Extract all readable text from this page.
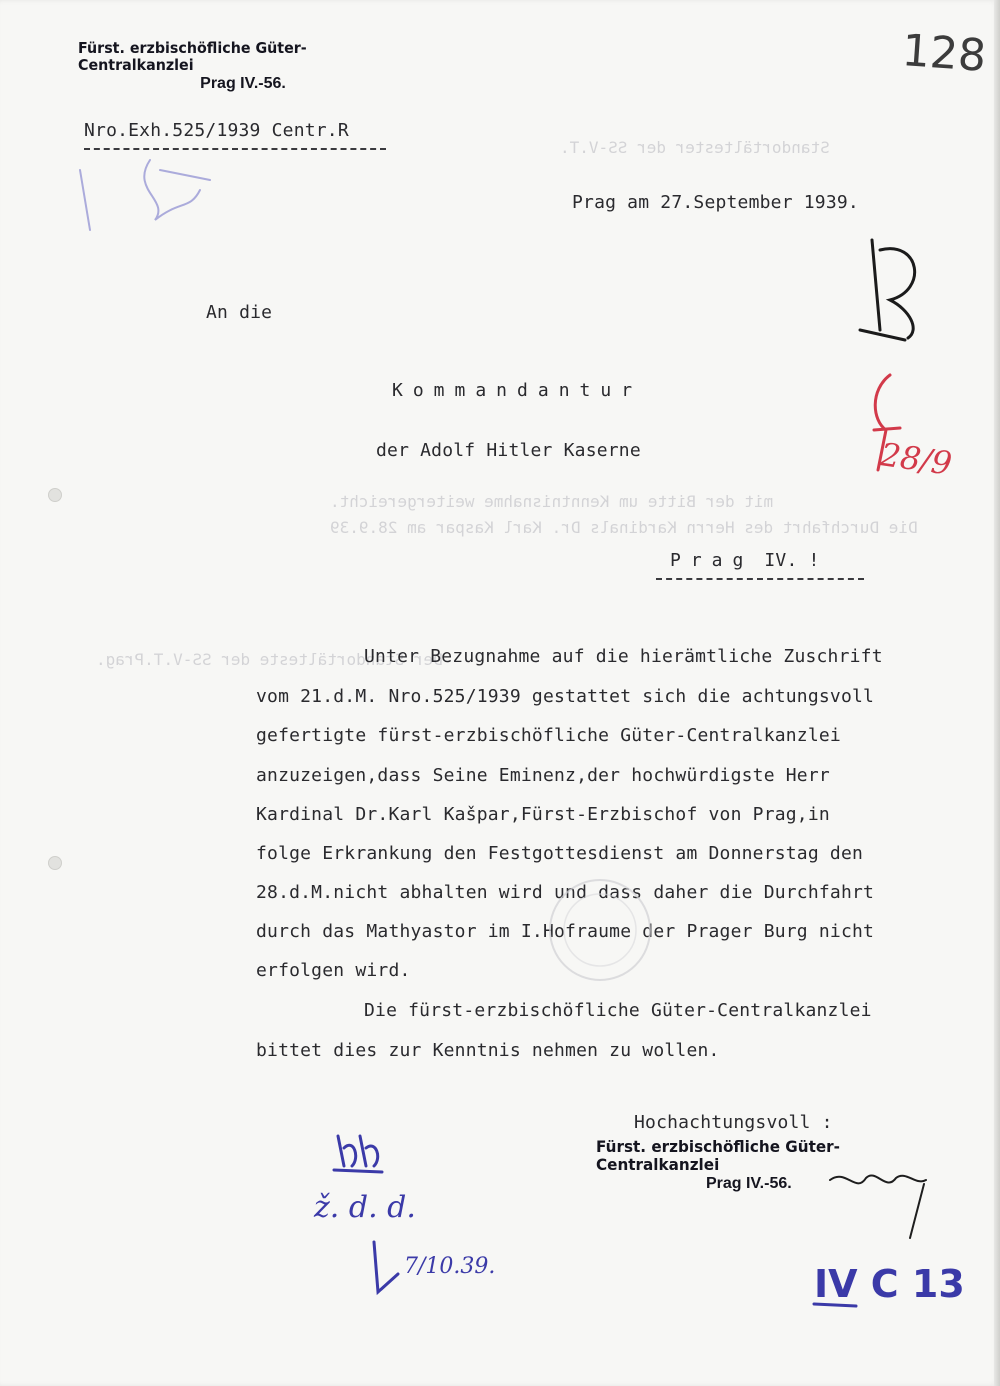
Standortältester der SS-V.T.
mit der Bitte um Kenntnisnahme weitergereicht.
Die Durchfahrt des Herrn Kardinals Dr. Karl Kaspar am 28.9.39
Der Standortälteste der SS-V.T.Prag.
Fürst. erzbischöfliche Güter-Centralkanzlei
Prag IV.-56.
Nro.Exh.525/1939 Centr.R
Prag am 27.September 1939.
An die
Kommandantur
der Adolf Hitler Kaserne
Prag IV. !
Unter Bezugnahme auf die hierämtliche Zuschrift
vom 21.d.M. Nro.525/1939 gestattet sich die achtungsvoll
gefertigte fürst-erzbischöfliche Güter-Centralkanzlei
anzuzeigen,dass Seine Eminenz,der hochwürdigste Herr
Kardinal Dr.Karl Kašpar,Fürst-Erzbischof von Prag,in
folge Erkrankung den Festgottesdienst am Donnerstag den
28.d.M.nicht abhalten wird und dass daher die Durchfahrt
durch das Mathyastor im I.Hofraume der Prager Burg nicht
erfolgen wird.
Die fürst-erzbischöfliche Güter-Centralkanzlei
bittet dies zur Kenntnis nehmen zu wollen.
Hochachtungsvoll :
Fürst. erzbischöfliche Güter-Centralkanzlei
Prag IV.-56.
128
28/9
ž. d. d.
7/10.39.	IV C 13
